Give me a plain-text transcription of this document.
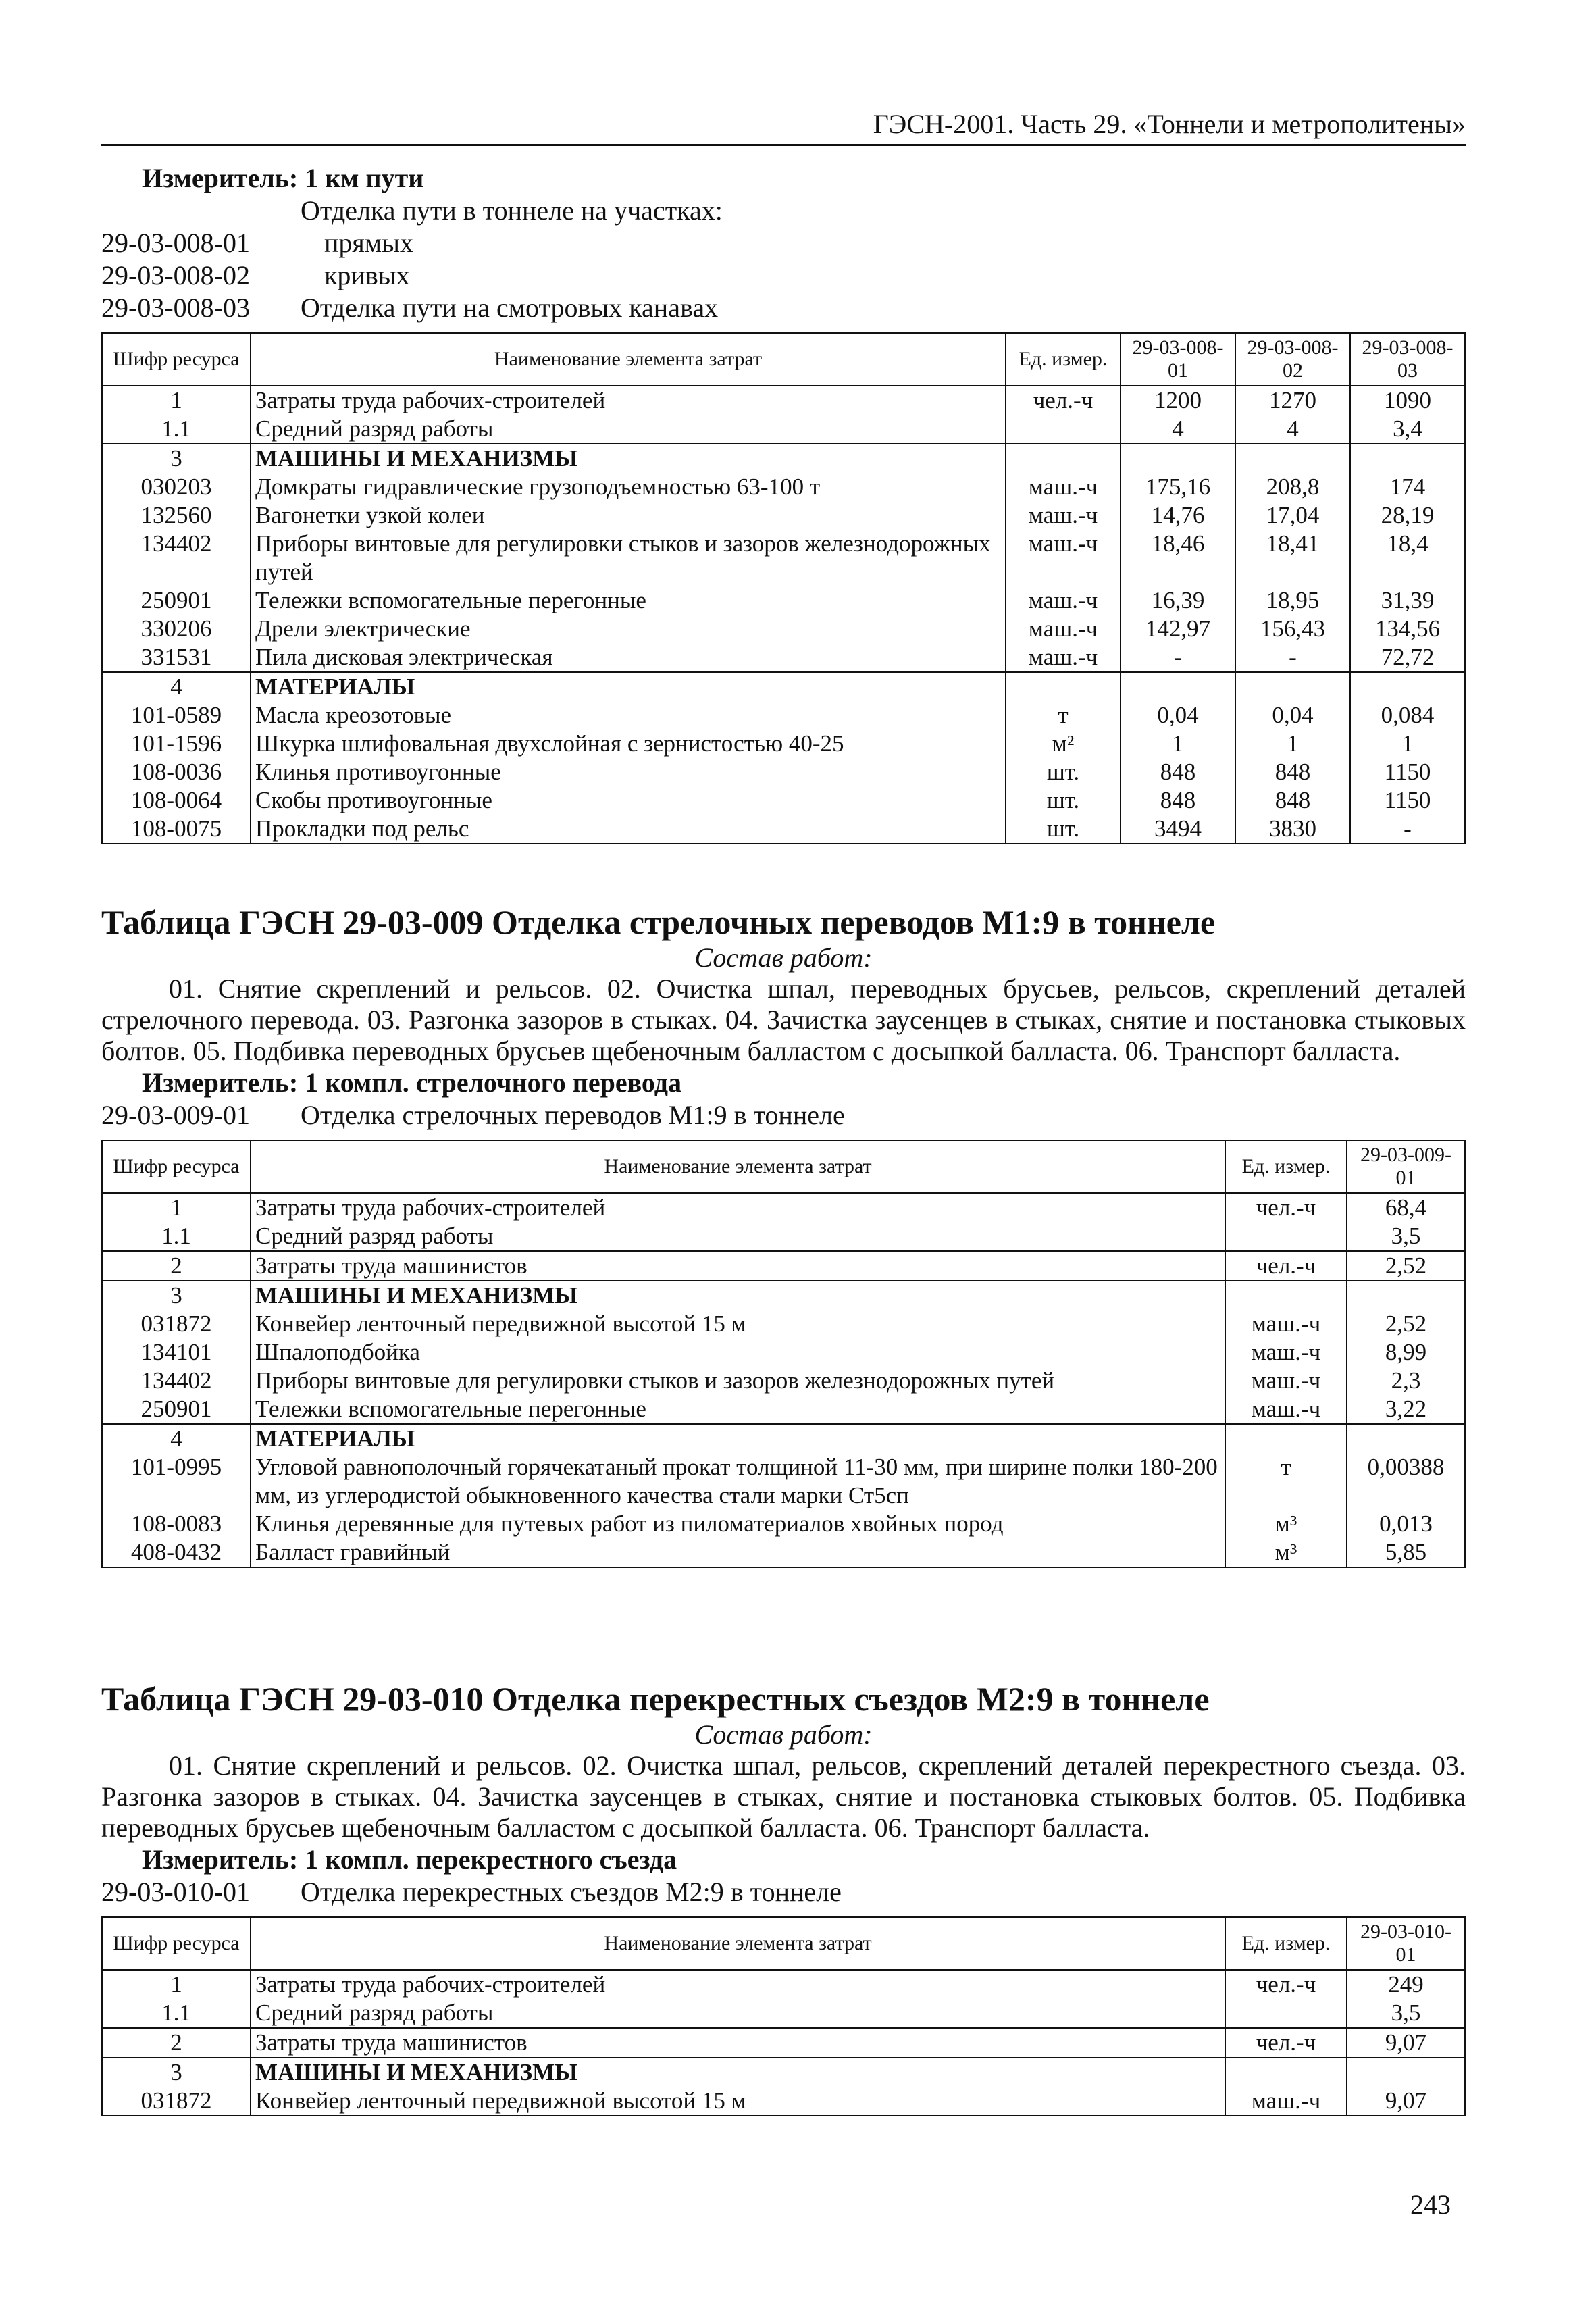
ГЭСН-2001. Часть 29. «Тоннели и метрополитены»
Измеритель: 1 км пути
Отделка пути в тоннеле на участках:
29-03-008-01	прямых
29-03-008-02	кривых
29-03-008-03	Отделка пути на смотровых канавах
Шифр ресурса	Наименование элемента затрат	Ед. измер.	29-03-008-01	29-03-008-02	29-03-008-03
1	Затраты труда рабочих-строителей	чел.-ч	1200	1270	1090
1.1	Средний разряд работы		4	4	3,4
3	МАШИНЫ И МЕХАНИЗМЫ				
030203	Домкраты гидравлические грузоподъемностью 63-100 т	маш.-ч	175,16	208,8	174
132560	Вагонетки узкой колеи	маш.-ч	14,76	17,04	28,19
134402	Приборы винтовые для регулировки стыков и зазоров железнодорожных путей	маш.-ч	18,46	18,41	18,4
250901	Тележки вспомогательные перегонные	маш.-ч	16,39	18,95	31,39
330206	Дрели электрические	маш.-ч	142,97	156,43	134,56
331531	Пила дисковая электрическая	маш.-ч	-	-	72,72
4	МАТЕРИАЛЫ				
101-0589	Масла креозотовые	т	0,04	0,04	0,084
101-1596	Шкурка шлифовальная двухслойная с зернистостью 40-25	м²	1	1	1
108-0036	Клинья противоугонные	шт.	848	848	1150
108-0064	Скобы противоугонные	шт.	848	848	1150
108-0075	Прокладки под рельс	шт.	3494	3830	-
Таблица ГЭСН 29-03-009 Отделка стрелочных переводов М1:9 в тоннеле
Состав работ:
01. Снятие скреплений и рельсов. 02. Очистка шпал, переводных брусьев, рельсов, скреплений деталей стрелочного перевода. 03. Разгонка зазоров в стыках. 04. Зачистка заусенцев в стыках, снятие и постановка стыковых болтов. 05. Подбивка переводных брусьев щебеночным балластом с досыпкой балласта. 06. Транспорт балласта.
Измеритель: 1 компл. стрелочного перевода
29-03-009-01	Отделка стрелочных переводов М1:9 в тоннеле
Шифр ресурса	Наименование элемента затрат	Ед. измер.	29-03-009-01
1	Затраты труда рабочих-строителей	чел.-ч	68,4
1.1	Средний разряд работы		3,5
2	Затраты труда машинистов	чел.-ч	2,52
3	МАШИНЫ И МЕХАНИЗМЫ		
031872	Конвейер ленточный передвижной высотой 15 м	маш.-ч	2,52
134101	Шпалоподбойка	маш.-ч	8,99
134402	Приборы винтовые для регулировки стыков и зазоров железнодорожных путей	маш.-ч	2,3
250901	Тележки вспомогательные перегонные	маш.-ч	3,22
4	МАТЕРИАЛЫ		
101-0995	Угловой равнополочный горячекатаный прокат толщиной 11-30 мм, при ширине полки 180-200 мм, из углеродистой обыкновенного качества стали марки Ст5сп	т	0,00388
108-0083	Клинья деревянные для путевых работ из пиломатериалов хвойных пород	м³	0,013
408-0432	Балласт гравийный	м³	5,85
Таблица ГЭСН 29-03-010 Отделка перекрестных съездов М2:9 в тоннеле
Состав работ:
01. Снятие скреплений и рельсов. 02. Очистка шпал, рельсов, скреплений деталей перекрестного съезда. 03. Разгонка зазоров в стыках. 04. Зачистка заусенцев в стыках, снятие и постановка стыковых болтов. 05. Подбивка переводных брусьев щебеночным балластом с досыпкой балласта. 06. Транспорт балласта.
Измеритель: 1 компл. перекрестного съезда
29-03-010-01	Отделка перекрестных съездов М2:9 в тоннеле
Шифр ресурса	Наименование элемента затрат	Ед. измер.	29-03-010-01
1	Затраты труда рабочих-строителей	чел.-ч	249
1.1	Средний разряд работы		3,5
2	Затраты труда машинистов	чел.-ч	9,07
3	МАШИНЫ И МЕХАНИЗМЫ		
031872	Конвейер ленточный передвижной высотой 15 м	маш.-ч	9,07
243
